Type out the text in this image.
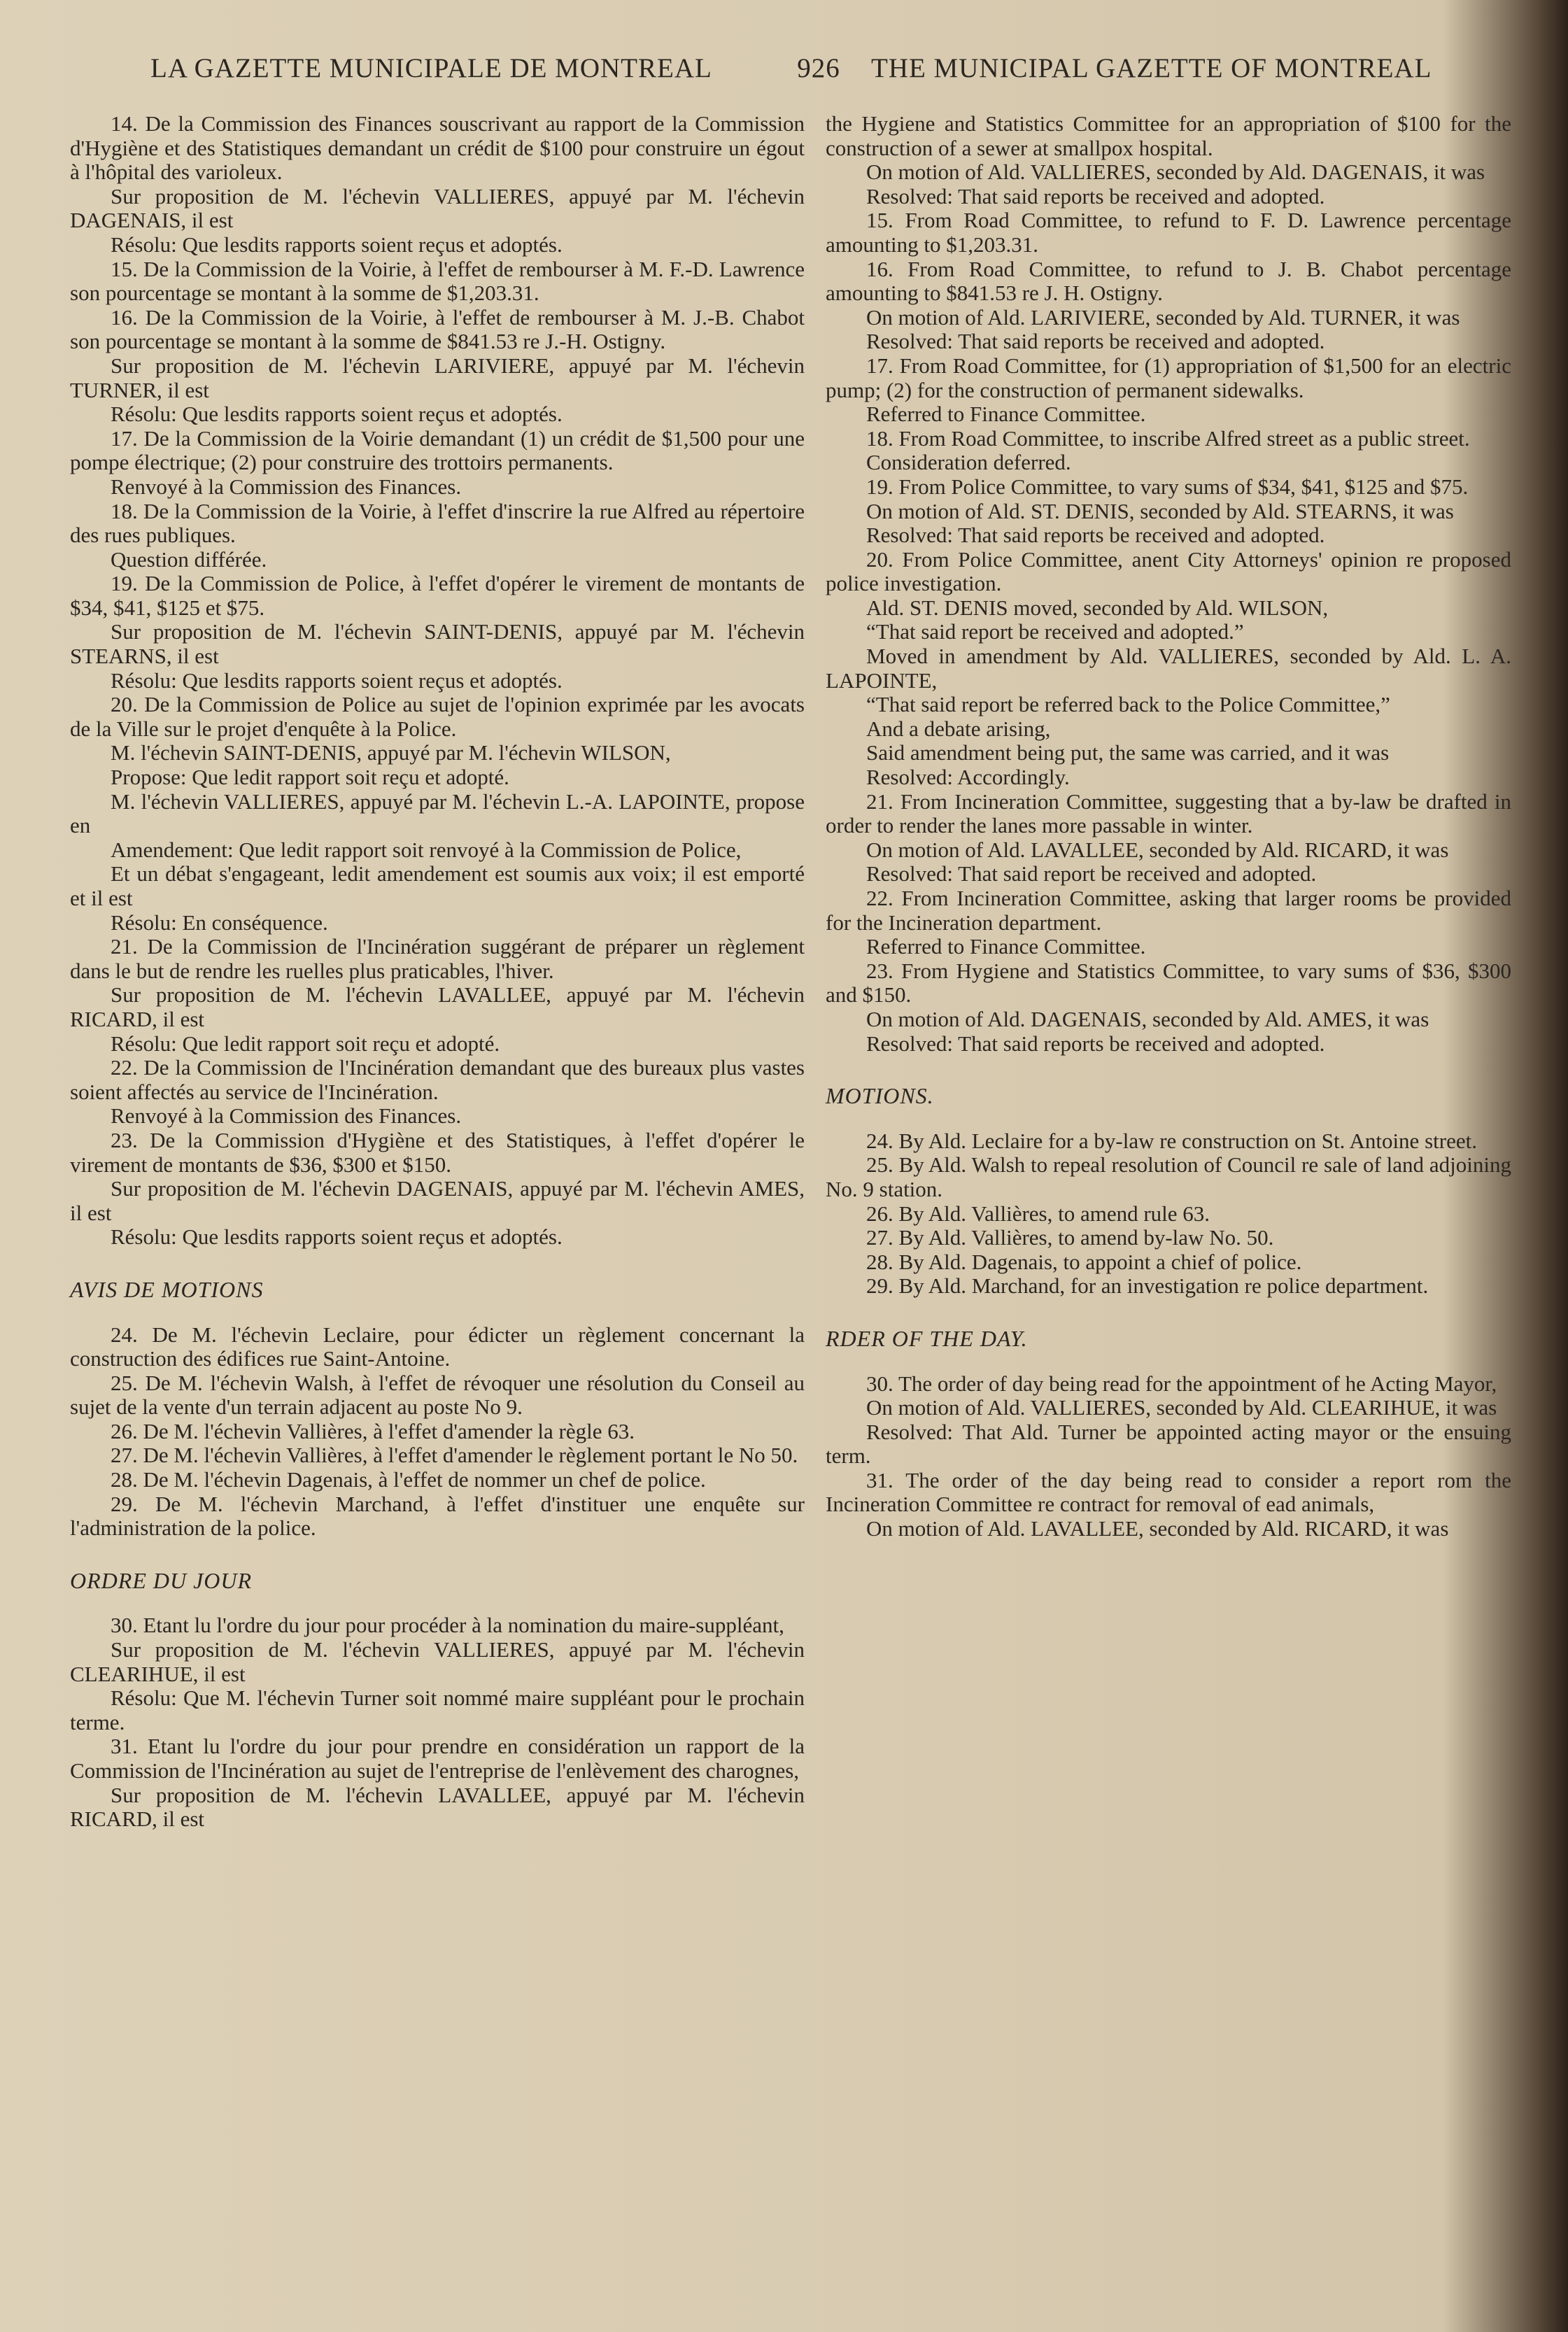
LA GAZETTE MUNICIPALE DE MONTREAL	926	THE MUNICIPAL GAZETTE OF MONTREAL
14. De la Commission des Finances souscrivant au rapport de la Commission d'Hygiène et des Statistiques demandant un crédit de $100 pour construire un égout à l'hôpital des varioleux.
Sur proposition de M. l'échevin VALLIERES, appuyé par M. l'échevin DAGENAIS, il est
Résolu: Que lesdits rapports soient reçus et adoptés.
15. De la Commission de la Voirie, à l'effet de rembourser à M. F.-D. Lawrence son pourcentage se montant à la somme de $1,203.31.
16. De la Commission de la Voirie, à l'effet de rembourser à M. J.-B. Chabot son pourcentage se montant à la somme de $841.53 re J.-H. Ostigny.
Sur proposition de M. l'échevin LARIVIERE, appuyé par M. l'échevin TURNER, il est
Résolu: Que lesdits rapports soient reçus et adoptés.
17. De la Commission de la Voirie demandant (1) un crédit de $1,500 pour une pompe électrique; (2) pour construire des trottoirs permanents.
Renvoyé à la Commission des Finances.
18. De la Commission de la Voirie, à l'effet d'inscrire la rue Alfred au répertoire des rues publiques.
Question différée.
19. De la Commission de Police, à l'effet d'opérer le virement de montants de $34, $41, $125 et $75.
Sur proposition de M. l'échevin SAINT-DENIS, appuyé par M. l'échevin STEARNS, il est
Résolu: Que lesdits rapports soient reçus et adoptés.
20. De la Commission de Police au sujet de l'opinion exprimée par les avocats de la Ville sur le projet d'enquête à la Police.
M. l'échevin SAINT-DENIS, appuyé par M. l'échevin WILSON,
Propose: Que ledit rapport soit reçu et adopté.
M. l'échevin VALLIERES, appuyé par M. l'échevin L.-A. LAPOINTE, propose en
Amendement: Que ledit rapport soit renvoyé à la Commission de Police,
Et un débat s'engageant, ledit amendement est soumis aux voix; il est emporté et il est
Résolu: En conséquence.
21. De la Commission de l'Incinération suggérant de préparer un règlement dans le but de rendre les ruelles plus praticables, l'hiver.
Sur proposition de M. l'échevin LAVALLEE, appuyé par M. l'échevin RICARD, il est
Résolu: Que ledit rapport soit reçu et adopté.
22. De la Commission de l'Incinération demandant que des bureaux plus vastes soient affectés au service de l'Incinération.
Renvoyé à la Commission des Finances.
23. De la Commission d'Hygiène et des Statistiques, à l'effet d'opérer le virement de montants de $36, $300 et $150.
Sur proposition de M. l'échevin DAGENAIS, appuyé par M. l'échevin AMES, il est
Résolu: Que lesdits rapports soient reçus et adoptés.
AVIS DE MOTIONS
24. De M. l'échevin Leclaire, pour édicter un règlement concernant la construction des édifices rue Saint-Antoine.
25. De M. l'échevin Walsh, à l'effet de révoquer une résolution du Conseil au sujet de la vente d'un terrain adjacent au poste No 9.
26. De M. l'échevin Vallières, à l'effet d'amender la règle 63.
27. De M. l'échevin Vallières, à l'effet d'amender le règlement portant le No 50.
28. De M. l'échevin Dagenais, à l'effet de nommer un chef de police.
29. De M. l'échevin Marchand, à l'effet d'instituer une enquête sur l'administration de la police.
ORDRE DU JOUR
30. Etant lu l'ordre du jour pour procéder à la nomination du maire-suppléant,
Sur proposition de M. l'échevin VALLIERES, appuyé par M. l'échevin CLEARIHUE, il est
Résolu: Que M. l'échevin Turner soit nommé maire suppléant pour le prochain terme.
31. Etant lu l'ordre du jour pour prendre en considération un rapport de la Commission de l'Incinération au sujet de l'entreprise de l'enlèvement des charognes,
Sur proposition de M. l'échevin LAVALLEE, appuyé par M. l'échevin RICARD, il est
the Hygiene and Statistics Committee for an appropriation of $100 for the construction of a sewer at smallpox hospital.
On motion of Ald. VALLIERES, seconded by Ald. DAGENAIS, it was
Resolved: That said reports be received and adopted.
15. From Road Committee, to refund to F. D. Lawrence percentage amounting to $1,203.31.
16. From Road Committee, to refund to J. B. Chabot percentage amounting to $841.53 re J. H. Ostigny.
On motion of Ald. LARIVIERE, seconded by Ald. TURNER, it was
Resolved: That said reports be received and adopted.
17. From Road Committee, for (1) appropriation of $1,500 for an electric pump; (2) for the construction of permanent sidewalks.
Referred to Finance Committee.
18. From Road Committee, to inscribe Alfred street as a public street.
Consideration deferred.
19. From Police Committee, to vary sums of $34, $41, $125 and $75.
On motion of Ald. ST. DENIS, seconded by Ald. STEARNS, it was
Resolved: That said reports be received and adopted.
20. From Police Committee, anent City Attorneys' opinion re proposed police investigation.
Ald. ST. DENIS moved, seconded by Ald. WILSON,
“That said report be received and adopted.”
Moved in amendment by Ald. VALLIERES, seconded by Ald. L. A. LAPOINTE,
“That said report be referred back to the Police Committee,”
And a debate arising,
Said amendment being put, the same was carried, and it was
Resolved: Accordingly.
21. From Incineration Committee, suggesting that a by-law be drafted in order to render the lanes more passable in winter.
On motion of Ald. LAVALLEE, seconded by Ald. RICARD, it was
Resolved: That said report be received and adopted.
22. From Incineration Committee, asking that larger rooms be provided for the Incineration department.
Referred to Finance Committee.
23. From Hygiene and Statistics Committee, to vary sums of $36, $300 and $150.
On motion of Ald. DAGENAIS, seconded by Ald. AMES, it was
Resolved: That said reports be received and adopted.
MOTIONS.
24. By Ald. Leclaire for a by-law re construction on St. Antoine street.
25. By Ald. Walsh to repeal resolution of Council re sale of land adjoining No. 9 station.
26. By Ald. Vallières, to amend rule 63.
27. By Ald. Vallières, to amend by-law No. 50.
28. By Ald. Dagenais, to appoint a chief of police.
29. By Ald. Marchand, for an investigation re police department.
RDER OF THE DAY.
30. The order of day being read for the appointment of he Acting Mayor,
On motion of Ald. VALLIERES, seconded by Ald. CLEARIHUE, it was
Resolved: That Ald. Turner be appointed acting mayor or the ensuing term.
31. The order of the day being read to consider a report rom the Incineration Committee re contract for removal of ead animals,
On motion of Ald. LAVALLEE, seconded by Ald. RICARD, it was
